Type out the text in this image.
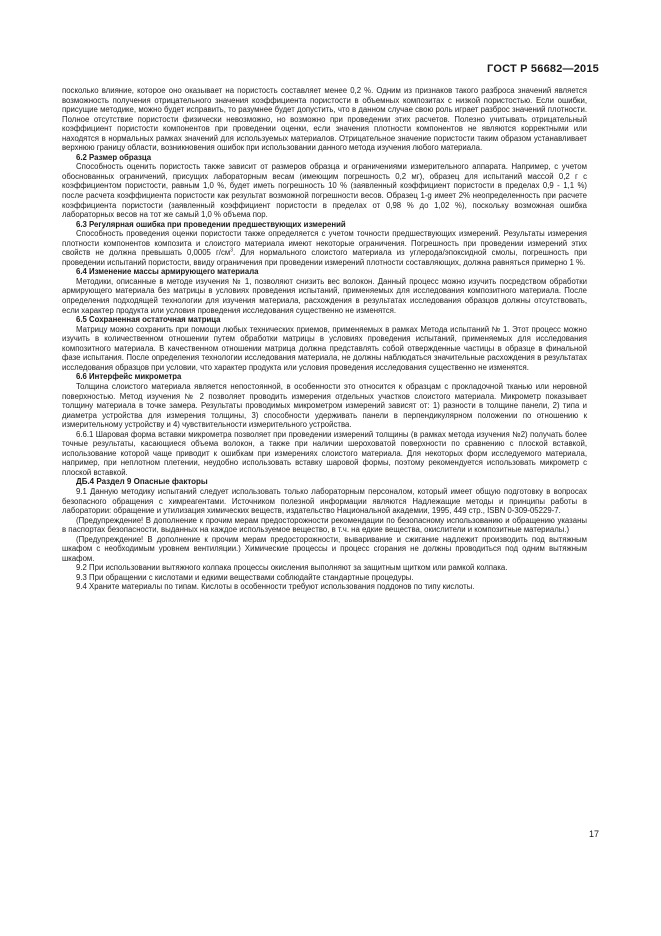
ГОСТ Р 56682—2015

посколько влияние, которое оно оказывает на пористость составляет менее 0,2 %. Одним из признаков такого разброса значений является возможность получения отрицательного значения коэффициента пористости в объемных композитах с низкой пористостью. Если ошибки, присущие методике, можно будет исправить, то разумнее будет допустить, что в данном случае свою роль играет разброс значений плотности. Полное отсутствие пористости физически невозможно, но возможно при проведении этих расчетов. Полезно учитывать отрицательный коэффициент пористости компонентов при проведении оценки, если значения плотности компонентов не являются корректными или находятся в нормальных рамках значений для используемых материалов. Отрицательное значение пористости таким образом устанавливает верхнюю границу области, возникновения ошибок при использовании данного метода изучения любого материала.

6.2 Размер образца

Способность оценить пористость также зависит от размеров образца и ограничениями измерительного аппарата. Например, с учетом обоснованных ограничений, присущих лабораторным весам (имеющим погрешность 0,2 мг), образец для испытаний массой 0,2 г с коэффициентом пористости, равным 1,0 %, будет иметь погрешность 10 % (заявленный коэффициент пористости в пределах 0,9 - 1,1 %) после расчета коэффициента пористости как результат возможной погрешности весов. Образец 1-g имеет 2% неопределенность при расчете коэффициента пористости (заявленный коэффициент пористости в пределах от 0,98 % до 1,02 %), поскольку возможная ошибка лабораторных весов на тот же самый 1,0 % объема пор.

6.3 Регулярная ошибка при проведении предшествующих измерений

Способность проведения оценки пористости также определяется с учетом точности предшествующих измерений. Результаты измерения плотности компонентов композита и слоистого материала имеют некоторые ограничения. Погрешность при проведении измерений этих свойств не должна превышать 0,0005 $г/см^3$. Для нормального слоистого материала из углерода/эпоксидной смолы, погрешность при проведении испытаний пористости, ввиду ограничения при проведении измерений плотности составляющих, должна равняться примерно 1 %.

6.4 Изменение массы армирующего материала

Методики, описанные в методе изучения № 1, позволяют снизить вес волокон. Данный процесс можно изучить посредством обработки армирующего материала без матрицы в условиях проведения испытаний, применяемых для исследования композитного материала. После определения подходящей технологии для изучения материала, расхождения в результатах исследования образцов должны отсутствовать, если характер продукта или условия проведения исследования существенно не изменятся.

6.5 Сохраненная остаточная матрица

Матрицу можно сохранить при помощи любых технических приемов, применяемых в рамках Метода испытаний № 1. Этот процесс можно изучить в количественном отношении путем обработки матрицы в условиях проведения испытаний, применяемых для исследования композитного материала. В качественном отношении матрица должна представлять собой отвержденные частицы в образце в финальной фазе испытания. После определения технологии исследования материала, не должны наблюдаться значительные расхождения в результатах исследования образцов при условии, что характер продукта или условия проведения исследования существенно не изменятся.

6.6 Интерфейс микрометра

Толщина слоистого материала является непостоянной, в особенности это относится к образцам с прокладочной тканью или неровной поверхностью. Метод изучения № 2 позволяет проводить измерения отдельных участков слоистого материала. Микрометр показывает толщину материала в точке замера. Результаты проводимых микрометром измерений зависят от: 1) разности в толщине панели, 2) типа и диаметра устройства для измерения толщины, 3) способности удерживать панели в перпендикулярном положении по отношению к измерительному устройству и 4) чувствительности измерительного устройства.

6.6.1 Шаровая форма вставки микрометра позволяет при проведении измерений толщины (в рамках метода изучения №2) получать более точные результаты, касающиеся объема волокон, а также при наличии шероховатой поверхности по сравнению с плоской вставкой, использование которой чаще приводит к ошибкам при измерениях слоистого материала. Для некоторых форм исследуемого материала, например, при неплотном плетении, неудобно использовать вставку шаровой формы, поэтому рекомендуется использовать микрометр с плоской вставкой.

ДБ.4 Раздел 9 Опасные факторы

9.1 Данную методику испытаний следует использовать только лабораторным персоналом, который имеет общую подготовку в вопросах безопасного обращения с химреагентами. Источником полезной информации являются Надлежащие методы и принципы работы в лаборатории: обращение и утилизация химических веществ, издательство Национальной академии, 1995, 449 стр., ISBN 0-309-05229-7.

(Предупреждение! В дополнение к прочим мерам предосторожности рекомендации по безопасному использованию и обращению указаны в паспортах безопасности, выданных на каждое используемое вещество, в т.ч. на едкие вещества, окислители и композитные материалы.)

(Предупреждение! В дополнение к прочим мерам предосторожности, вываривание и сжигание надлежит производить под вытяжным шкафом с необходимым уровнем вентиляции.) Химические процессы и процесс сгорания не должны проводиться под одним вытяжным шкафом.

9.2 При использовании вытяжного колпака процессы окисления выполняют за защитным щитком или рамкой колпака.

9.3 При обращении с кислотами и едкими веществами соблюдайте стандартные процедуры.

9.4 Храните материалы по типам. Кислоты в особенности требуют использования поддонов по типу кислоты.

17
